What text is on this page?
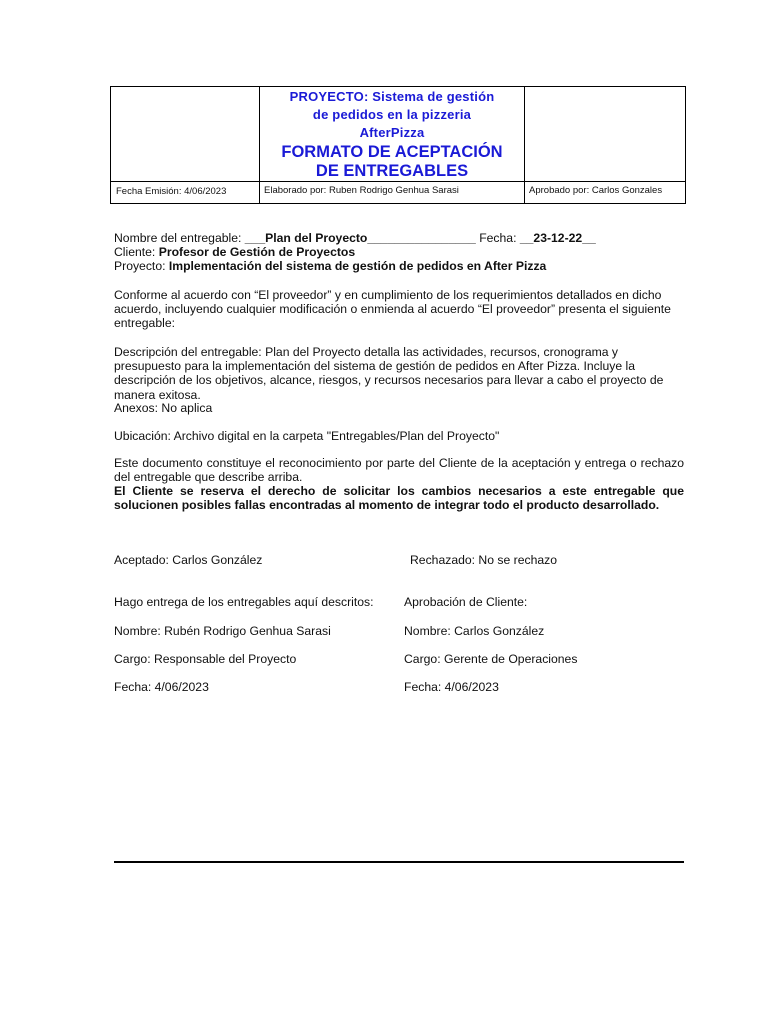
	PROYECTO: Sistema de gestión
de pedidos en la pizzeria
AfterPizza
FORMATO DE ACEPTACIÓN
DE ENTREGABLES	

Fecha Emisión: 4/06/2023	Elaborado por: Ruben Rodrigo Genhua Sarasi	Aprobado por: Carlos Gonzales
Nombre del entregable: ___Plan del Proyecto________________ Fecha: __23-12-22__
Cliente: Profesor de Gestión de Proyectos
Proyecto: Implementación del sistema de gestión de pedidos en After Pizza
Conforme al acuerdo con “El proveedor” y en cumplimiento de los requerimientos detallados en dicho acuerdo, incluyendo cualquier modificación o enmienda al acuerdo “El proveedor” presenta el siguiente entregable:
Descripción del entregable: Plan del Proyecto detalla las actividades, recursos, cronograma y presupuesto para la implementación del sistema de gestión de pedidos en After Pizza. Incluye la descripción de los objetivos, alcance, riesgos, y recursos necesarios para llevar a cabo el proyecto de manera exitosa.
Anexos: No aplica
Ubicación: Archivo digital en la carpeta "Entregables/Plan del Proyecto"
Este documento constituye el reconocimiento por parte del Cliente de la aceptación y entrega o rechazo del entregable que describe arriba.
El Cliente se reserva el derecho de solicitar los cambios necesarios a este entregable que solucionen posibles fallas encontradas al momento de integrar todo el producto desarrollado.
Aceptado: Carlos González	Rechazado: No se rechazo
Hago entrega de los entregables aquí descritos:	Aprobación de Cliente:
Nombre: Rubén Rodrigo Genhua Sarasi	Nombre: Carlos González
Cargo: Responsable del Proyecto	Cargo: Gerente de Operaciones
Fecha: 4/06/2023	Fecha: 4/06/2023
